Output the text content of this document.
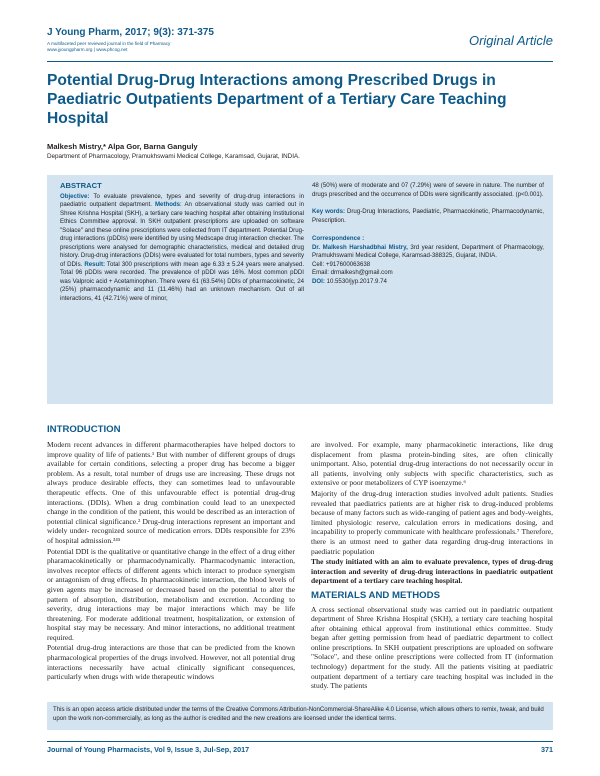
J Young Pharm, 2017; 9(3): 371-375
A multifaceted peer reviewed journal in the field of Pharmacy
www.jyoungpharm.org | www.phcog.net
Original Article
Potential Drug-Drug Interactions among Prescribed Drugs in Paediatric Outpatients Department of a Tertiary Care Teaching Hospital
Malkesh Mistry,* Alpa Gor, Barna Ganguly
Department of Pharmacology, Pramukhswami Medical College, Karamsad, Gujarat, INDIA.
ABSTRACT
Objective: To evaluate prevalence, types and severity of drug-drug interactions in paediatric outpatient department. Methods: An observational study was carried out in Shree Krishna Hospital (SKH), a tertiary care teaching hospital after obtaining Institutional Ethics Committee approval. In SKH outpatient prescriptions are uploaded on software "Solace" and these online prescriptions were collected from IT department. Potential Drug-drug interactions (pDDIs) were identified by using Medscape drug interaction checker. The prescriptions were analysed for demographic characteristics, medical and detailed drug history. Drug-drug interactions (DDIs) were evaluated for total numbers, types and severity of DDIs. Result: Total 300 prescriptions with mean age 6.33 ± 5.24 years were analysed. Total 96 pDDIs were recorded. The prevalence of pDDI was 16%. Most common pDDI was Valproic acid + Acetaminophen. There were 61 (63.54%) DDIs of pharmacokinetic, 24 (25%) pharmacodynamic and 11 (11.46%) had an unknown mechanism. Out of all interactions, 41 (42.71%) were of minor,
48 (50%) were of moderate and 07 (7.29%) were of severe in nature. The number of drugs prescribed and the occurrence of DDIs were significantly associated. (p<0.001).
Key words: Drug-Drug Interactions, Paediatric, Pharmacokinetic, Pharmacodynamic, Prescription.
Correspondence :
Dr. Malkesh Harshadbhai Mistry, 3rd year resident, Department of Pharmacology, Pramukhswami Medical College, Karamsad-388325, Gujarat, INDIA.
Cell: +917600063638
Email: drmalkesh@gmail.com
DOI: 10.5530/jyp.2017.9.74
INTRODUCTION

Modern recent advances in different pharmacotherapies have helped doctors to improve quality of life of patients.¹ But with number of different groups of drugs available for certain conditions, selecting a proper drug has become a bigger problem. As a result, total number of drugs use are increasing. These drugs not always produce desirable effects, they can sometimes lead to unfavourable therapeutic effects. One of this unfavourable effect is potential drug-drug interactions. (DDIs). When a drug combination could lead to an unexpected change in the condition of the patient, this would be described as an interaction of potential clinical significance.² Drug-drug interactions represent an important and widely under- recognized source of medication errors. DDIs responsible for 23% of hospital admission.³⁴⁵

Potential DDI is the qualitative or quantitative change in the effect of a drug either pharamacokinetically or pharmacodynamically. Pharmacodynamic interaction, involves receptor effects of different agents which interact to produce synergism or antagonism of drug effects. In pharmacokinetic interaction, the blood levels of given agents may be increased or decreased based on the potential to alter the pattern of absorption, distribution, metabolism and excretion. According to severity, drug interactions may be major interactions which may be life threatening. For moderate additional treatment, hospitalization, or extension of hospital stay may be necessary. And minor interactions, no additional treatment required.

Potential drug-drug interactions are those that can be predicted from the known pharmacological properties of the drugs involved. However, not all potential drug interactions necessarily have actual clinically significant consequences, particularly when drugs with wide therapeutic windows

are involved. For example, many pharmacokinetic interactions, like drug displacement from plasma protein-binding sites, are often clinically unimportant. Also, potential drug-drug interactions do not necessarily occur in all patients, involving only subjects with specific characteristics, such as extensive or poor metabolizers of CYP isoenzyme.⁶

Majority of the drug-drug interaction studies involved adult patients. Studies revealed that paediatrics patients are at higher risk to drug-induced problems because of many factors such as wide-ranging of patient ages and body-weights, limited physiologic reserve, calculation errors in medications dosing, and incapability to properly communicate with healthcare professionals.⁷ Therefore, there is an utmost need to gather data regarding drug-drug interactions in paediatric population

The study initiated with an aim to evaluate prevalence, types of drug-drug interaction and severity of drug-drug interactions in paediatric outpatient department of a tertiary care teaching hospital.

MATERIALS AND METHODS

A cross sectional observational study was carried out in paediatric outpatient department of Shree Krishna Hospital (SKH), a tertiary care teaching hospital after obtaining ethical approval from institutional ethics committee. Study began after getting permission from head of paediatric department to collect online prescriptions. In SKH outpatient prescriptions are uploaded on software "Solace", and these online prescriptions were collected from IT (information technology) department for the study. All the patients visiting at paediatric outpatient department of a tertiary care teaching hospital was included in the study. The patients

This is an open access article distributed under the terms of the Creative Commons Attribution-NonCommercial-ShareAlike 4.0 License, which allows others to remix, tweak, and build upon the work non-commercially, as long as the author is credited and the new creations are licensed under the identical terms.
Journal of Young Pharmacists, Vol 9, Issue 3, Jul-Sep, 2017	371
